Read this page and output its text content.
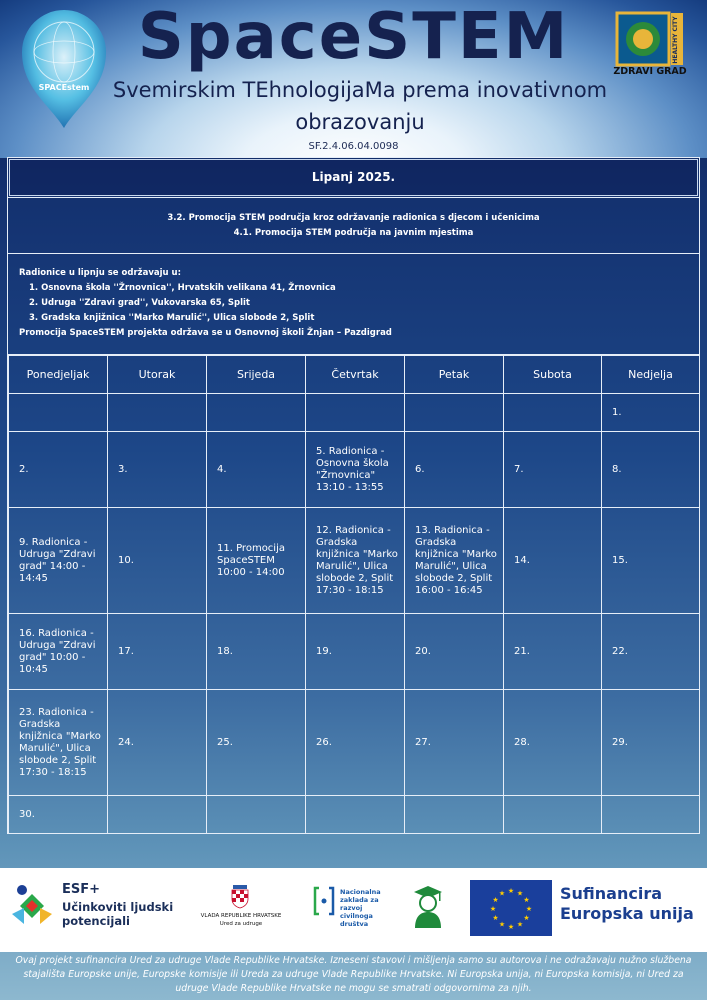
SPACEstem
SpaceSTEM
Svemirskim TEhnologijaMa prema inovativnom obrazovanju
SF.2.4.06.04.0098
HEALTHY CITY
ZDRAVI GRAD
Lipanj 2025.
3.2. Promocija STEM područja kroz održavanje radionica s djecom i učenicima
4.1. Promocija STEM područja na javnim mjestima
Radionice u lipnju se održavaju u:
1. Osnovna škola ''Žrnovnica'', Hrvatskih velikana 41, Žrnovnica
2. Udruga ''Zdravi grad'', Vukovarska 65, Split
3. Gradska knjižnica ''Marko Marulić'', Ulica slobode 2, Split
Promocija SpaceSTEM projekta održava se u Osnovnoj školi Žnjan – Pazdigrad
Ponedjeljak	Utorak	Srijeda	Četvrtak	Petak	Subota	Nedjelja
						1.
2.	3.	4.	5. Radionica - Osnovna škola "Žrnovnica" 13:10 - 13:55	6.	7.	8.
9. Radionica - Udruga "Zdravi grad" 14:00 - 14:45	10.	11. Promocija SpaceSTEM 10:00 - 14:00	12. Radionica - Gradska knjižnica "Marko Marulić", Ulica slobode 2, Split 17:30 - 18:15	13. Radionica - Gradska knjižnica "Marko Marulić", Ulica slobode 2, Split 16:00 - 16:45	14.	15.
16. Radionica - Udruga "Zdravi grad" 10:00 - 10:45	17.	18.	19.	20.	21.	22.
23. Radionica - Gradska knjižnica "Marko Marulić", Ulica slobode 2, Split 17:30 - 18:15	24.	25.	26.	27.	28.	29.
30.						
ESF+
Učinkoviti ljudski potencijali	VLADA REPUBLIKE HRVATSKE
Ured za udruge
Nacionalna zaklada za razvoj civilnoga društva
★ ★
★
★
★
★
★
★
★
★
★
★	Sufinancira
Europska unija
Ovaj projekt sufinancira Ured za udruge Vlade Republike Hrvatske. Izneseni stavovi i mišljenja samo su autorova i ne odražavaju nužno službena stajališta Europske unije, Europske komisije ili Ureda za udruge Vlade Republike Hrvatske. Ni Europska unija, ni Europska komisija, ni Ured za udruge Vlade Republike Hrvatske ne mogu se smatrati odgovornima za njih.
